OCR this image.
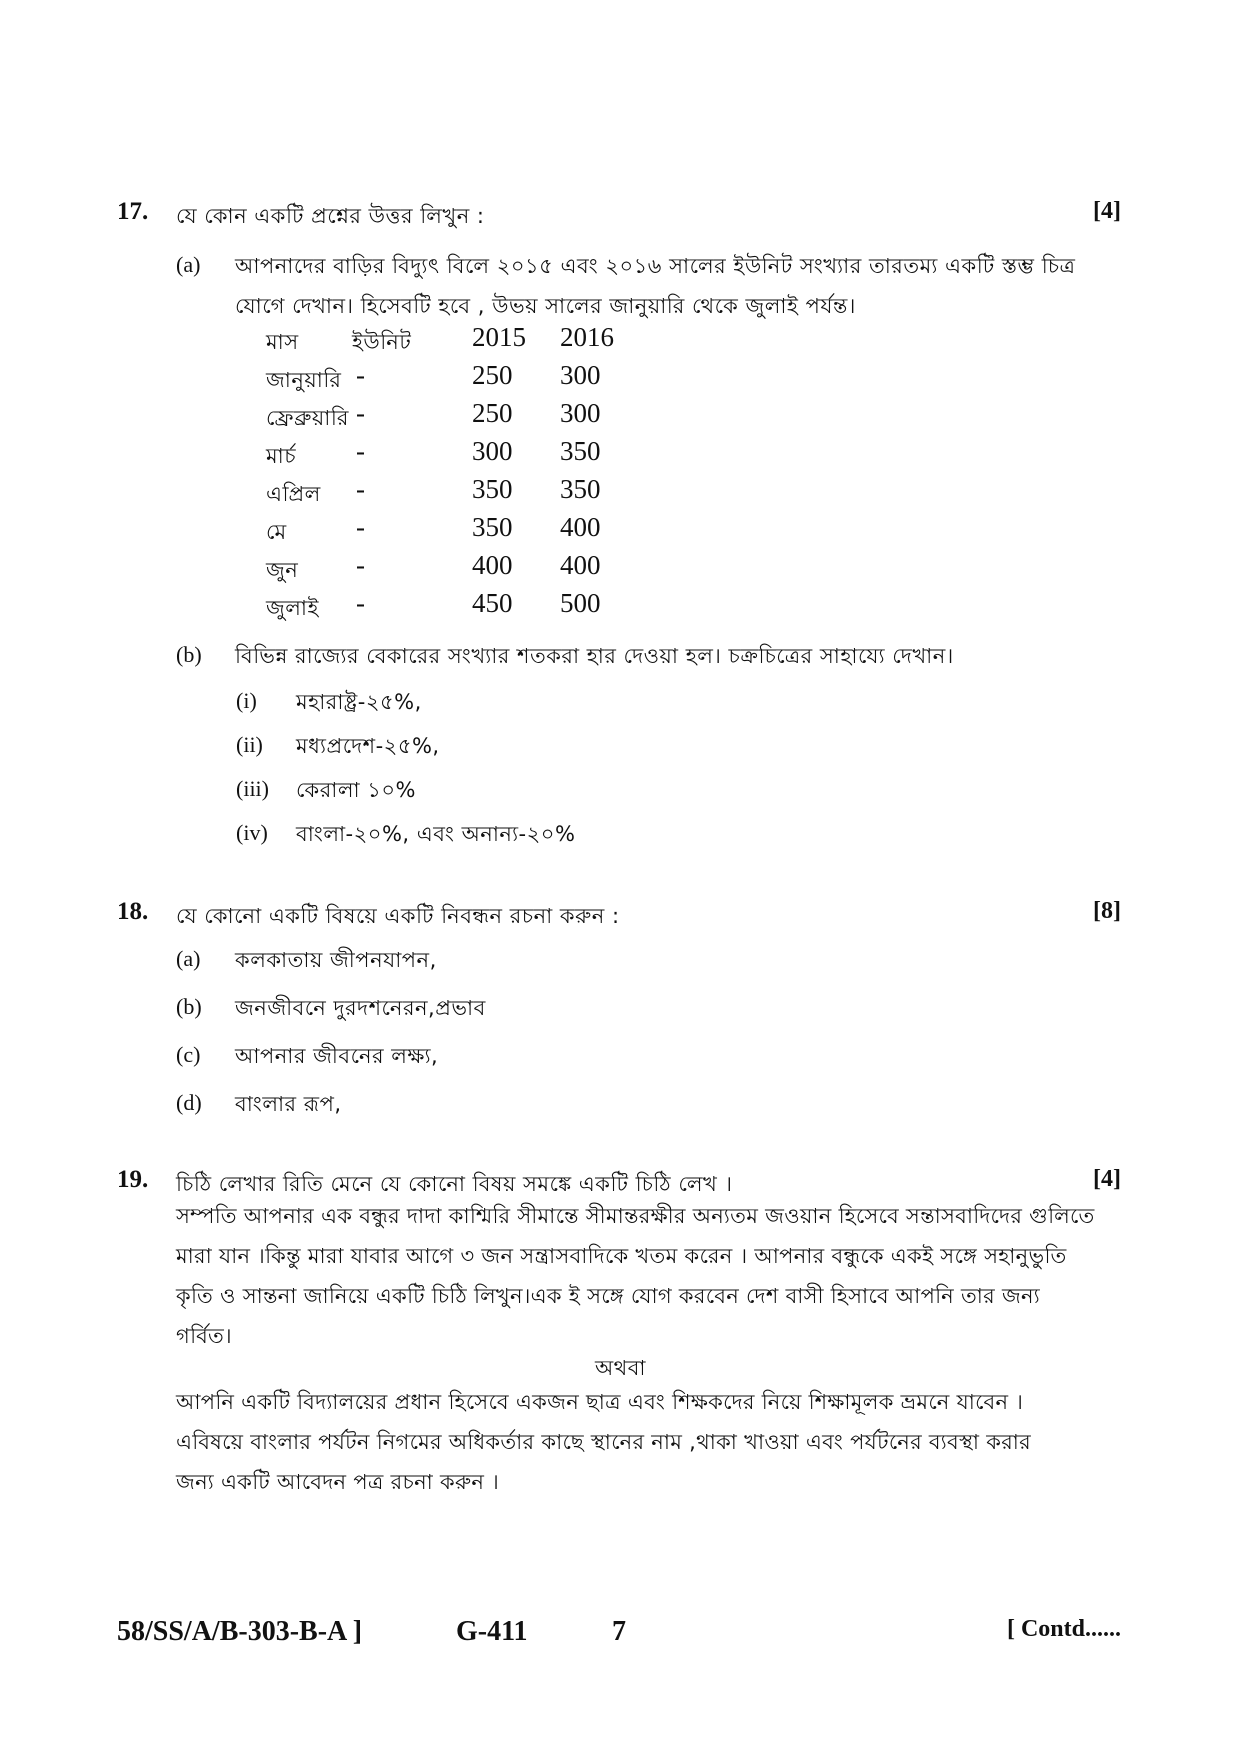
17. যে কোন একটি প্রশ্নের উত্তর লিখুন :	[4]
(a) আপনাদের বাড়ির বিদ্যুৎ বিলে ২০১৫ এবং ২০১৬ সালের ইউনিট সংখ্যার তারতম্য একটি স্তম্ভ চিত্র
যোগে দেখান। হিসেবটি হবে , উভয় সালের জানুয়ারি থেকে জুলাই পর্যন্ত।
মাস	ইউনিট 2015 2016
জানুয়ারি -	250 300
ফ্রেব্রুয়ারি -	250 300
মার্চ -	300 350
এপ্রিল -	350 350
মে	-	350 400
জুন -	400 400
জুলাই -	450 500
(b) বিভিন্ন রাজ্যের বেকারের সংখ্যার শতকরা হার দেওয়া হল। চক্রচিত্রের সাহায্যে দেখান।
(i) মহারাষ্ট্র-২৫%,
(ii) মধ্যপ্রদেশ-২৫%,
(iii) কেরালা ১০%
(iv) বাংলা-২০%, এবং অনান্য-২০%
18. যে কোনো একটি বিষয়ে একটি নিবন্ধন রচনা করুন :	[8]
(a) কলকাতায় জীপনযাপন,
(b) জনজীবনে দুরদশনেরন,প্রভাব
(c) আপনার জীবনের লক্ষ্য,
(d) বাংলার রূপ,
19. চিঠি লেখার রিতি মেনে যে কোনো বিষয় সমঙ্কে একটি চিঠি লেখ ।	[4]
সম্পতি আপনার এক বন্ধুর দাদা কাশ্মিরি সীমান্তে সীমান্তরক্ষীর অন্যতম জওয়ান হিসেবে সন্তাসবাদিদের গুলিতে
মারা যান ।কিন্তু মারা যাবার আগে ৩ জন সন্ত্রাসবাদিকে খতম করেন । আপনার বন্ধুকে একই সঙ্গে সহানুভুতি
কৃতি ও সান্তনা জানিয়ে একটি চিঠি লিখুন।এক ই সঙ্গে যোগ করবেন দেশ বাসী হিসাবে আপনি তার জন্য
গর্বিত।
অথবা
আপনি একটি বিদ্যালয়ের প্রধান হিসেবে একজন ছাত্র এবং শিক্ষকদের নিয়ে শিক্ষামূলক ভ্রমনে যাবেন ।
এবিষয়ে বাংলার পর্যটন নিগমের অধিকর্তার কাছে স্থানের নাম ,থাকা খাওয়া এবং পর্যটনের ব্যবস্থা করার
জন্য একটি আবেদন পত্র রচনা করুন ।
58/SS/A/B-303-B-A ]	G-411	7	[ Contd......
